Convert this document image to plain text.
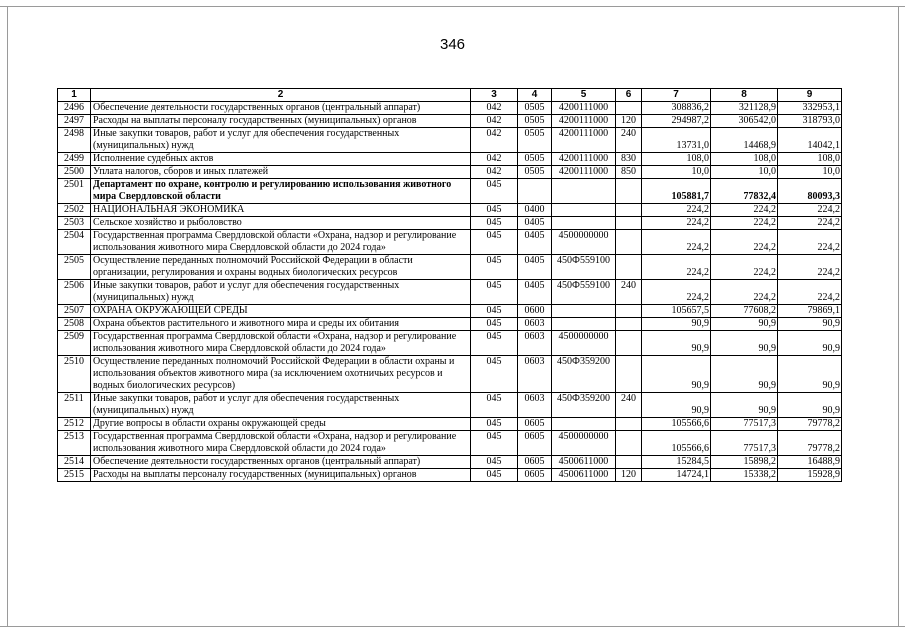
346
1	2	3	4	5	6	7	8	9
2496	Обеспечение деятельности государственных органов (центральный аппарат)	042	0505	4200111000		308836,2	321128,9	332953,1
2497	Расходы на выплаты персоналу государственных (муниципальных) органов	042	0505	4200111000	120	294987,2	306542,0	318793,0
2498	Иные закупки товаров, работ и услуг для обеспечения государственных (муниципальных) нужд	042	0505	4200111000	240	13731,0	14468,9	14042,1
2499	Исполнение судебных актов	042	0505	4200111000	830	108,0	108,0	108,0
2500	Уплата налогов, сборов и иных платежей	042	0505	4200111000	850	10,0	10,0	10,0
2501	Департамент по охране, контролю и регулированию использования животного мира Свердловской области	045				105881,7	77832,4	80093,3
2502	НАЦИОНАЛЬНАЯ ЭКОНОМИКА	045	0400			224,2	224,2	224,2
2503	Сельское хозяйство и рыболовство	045	0405			224,2	224,2	224,2
2504	Государственная программа Свердловской области «Охрана, надзор и регулирование использования животного мира Свердловской области до 2024 года»	045	0405	4500000000		224,2	224,2	224,2
2505	Осуществление переданных полномочий Российской Федерации в области организации, регулирования и охраны водных биологических ресурсов	045	0405	450Ф559100		224,2	224,2	224,2
2506	Иные закупки товаров, работ и услуг для обеспечения государственных (муниципальных) нужд	045	0405	450Ф559100	240	224,2	224,2	224,2
2507	ОХРАНА ОКРУЖАЮЩЕЙ СРЕДЫ	045	0600			105657,5	77608,2	79869,1
2508	Охрана объектов растительного и животного мира и среды их обитания	045	0603			90,9	90,9	90,9
2509	Государственная программа Свердловской области «Охрана, надзор и регулирование использования животного мира Свердловской области до 2024 года»	045	0603	4500000000		90,9	90,9	90,9
2510	Осуществление переданных полномочий Российской Федерации в области охраны и использования объектов животного мира (за исключением охотничьих ресурсов и водных биологических ресурсов)	045	0603	450Ф359200		90,9	90,9	90,9
2511	Иные закупки товаров, работ и услуг для обеспечения государственных (муниципальных) нужд	045	0603	450Ф359200	240	90,9	90,9	90,9
2512	Другие вопросы в области охраны окружающей среды	045	0605			105566,6	77517,3	79778,2
2513	Государственная программа Свердловской области «Охрана, надзор и регулирование использования животного мира Свердловской области до 2024 года»	045	0605	4500000000		105566,6	77517,3	79778,2
2514	Обеспечение деятельности государственных органов (центральный аппарат)	045	0605	4500611000		15284,5	15898,2	16488,9
2515	Расходы на выплаты персоналу государственных (муниципальных) органов	045	0605	4500611000	120	14724,1	15338,2	15928,9
